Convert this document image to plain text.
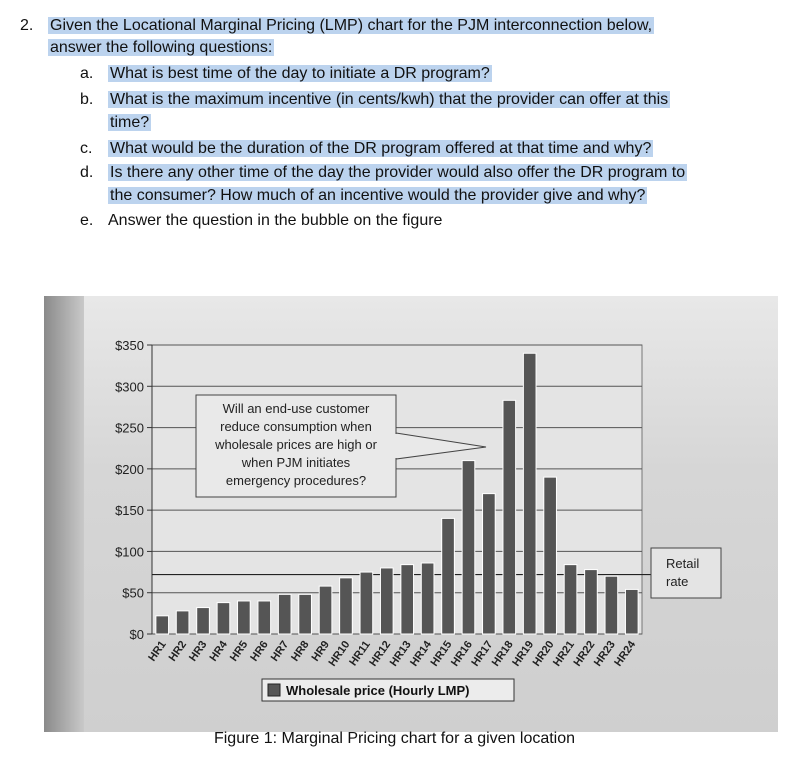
2. Given the Locational Marginal Pricing (LMP) chart for the PJM interconnection below,
answer the following questions:
a. What is best time of the day to initiate a DR program?
b. What is the maximum incentive (in cents/kwh) that the provider can offer at this
time?
c. What would be the duration of the DR program offered at that time and why?
d. Is there any other time of the day the provider would also offer the DR program to
the consumer? How much of an incentive would the provider give and why?
e. Answer the question in the bubble on the figure
$0
$50
$100
$150
$200
$250
$300
$350
HR1
HR2
HR3
HR4
HR5
HR6
HR7
HR8
HR9
HR10
HR11
HR12
HR13
HR14
HR15
HR16
HR17
HR18
HR19
HR20
HR21
HR22
HR23
HR24
Will an end-use customer
reduce consumption when
wholesale prices are high or
when PJM initiates
emergency procedures?
Retail
rate
Wholesale price (Hourly LMP)
Figure 1: Marginal Pricing chart for a given location
